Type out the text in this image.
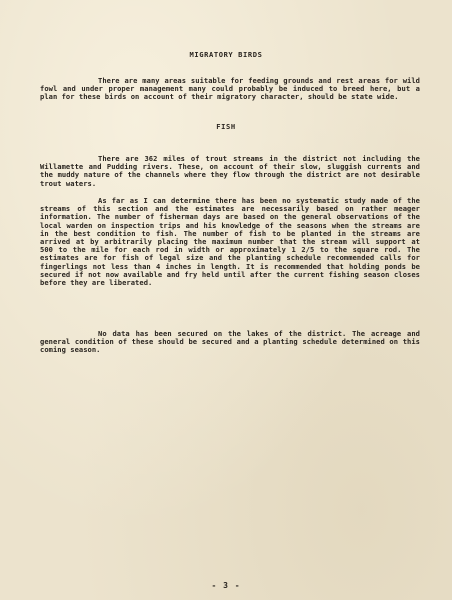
MIGRATORY BIRDS

There are many areas suitable for feeding grounds and rest areas for wild fowl and under proper management many could probably be induced to breed here, but a plan for these birds on account of their migratory character, should be state wide.

FISH

There are 362 miles of trout streams in the district not including the Willamette and Pudding rivers. These, on account of their slow, sluggish currents and the muddy nature of the channels where they flow through the district are not desirable trout waters.

As far as I can determine there has been no systematic study made of the streams of this section and the estimates are necessarily based on rather meager information. The number of fisherman days are based on the general observations of the local warden on inspection trips and his knowledge of the seasons when the streams are in the best condition to fish. The number of fish to be planted in the streams are arrived at by arbitrarily placing the maximum number that the stream will support at 500 to the mile for each rod in width or approximately 1 2/5 to the square rod. The estimates are for fish of legal size and the planting schedule recommended calls for fingerlings not less than 4 inches in length. It is recommended that holding ponds be secured if not now available and fry held until after the current fishing season closes before they are liberated.

No data has been secured on the lakes of the district. The acreage and general condition of these should be secured and a planting schedule determined on this coming season.

- 3 -
